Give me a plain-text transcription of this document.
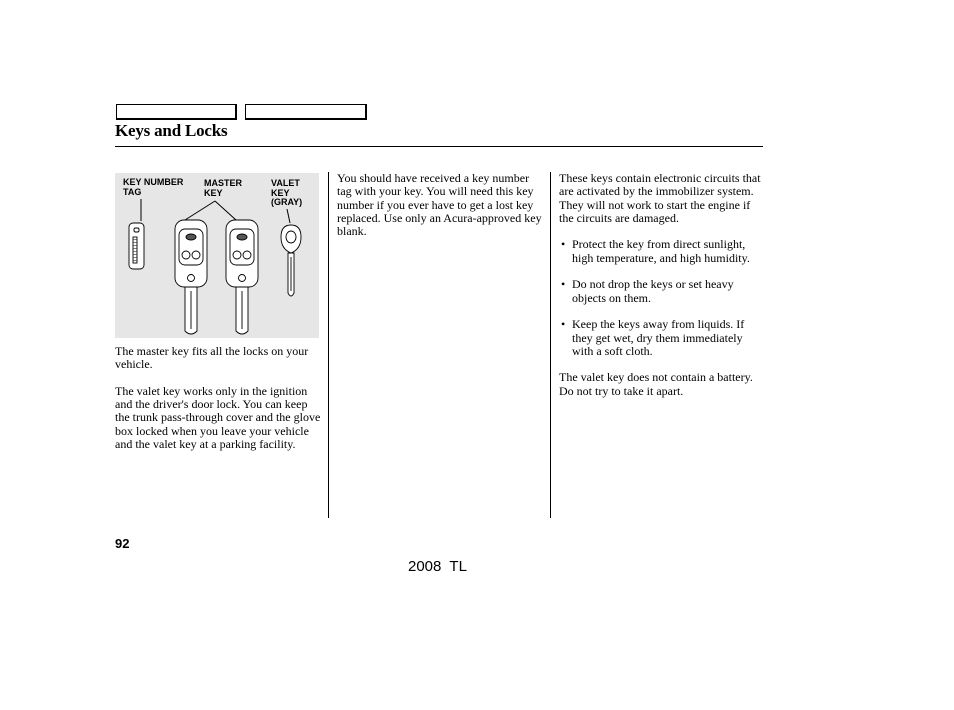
Keys and Locks
KEY NUMBER
TAG
MASTER
KEY
VALET
KEY
(GRAY)

The master key fits all the locks on your vehicle.

The valet key works only in the ignition and the driver's door lock. You can keep the trunk pass-through cover and the glove box locked when you leave your vehicle and the valet key at a parking facility.

You should have received a key number tag with your key. You will need this key number if you ever have to get a lost key replaced. Use only an Acura-approved key blank.

These keys contain electronic circuits that are activated by the immobilizer system. They will not work to start the engine if the circuits are damaged.

• Protect the key from direct sunlight, high temperature, and high humidity.
• Do not drop the keys or set heavy objects on them.
• Keep the keys away from liquids. If they get wet, dry them immediately with a soft cloth.

The valet key does not contain a battery. Do not try to take it apart.

92
2008  TL
